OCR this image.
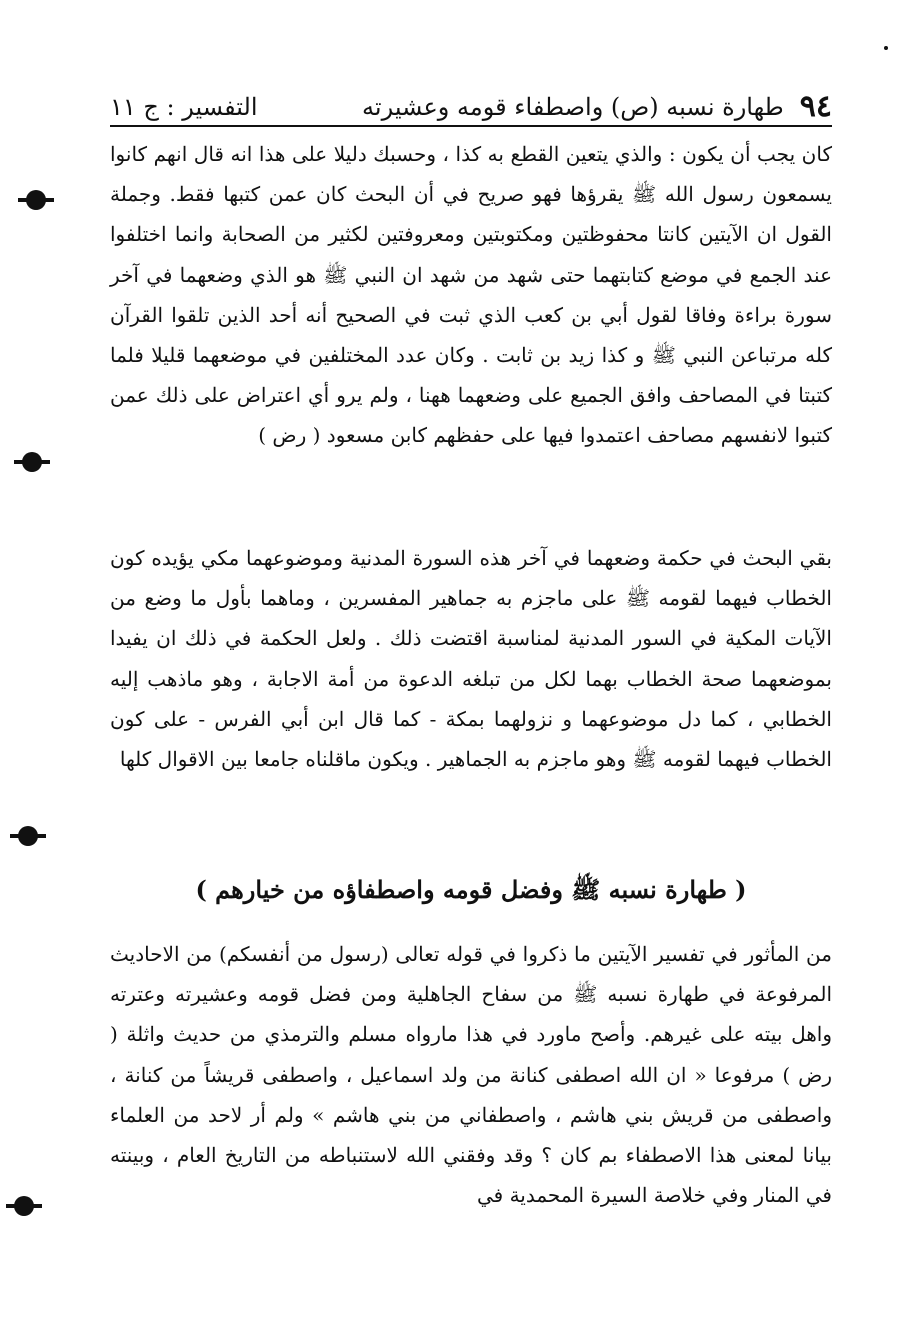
٩٤
طهارة نسبه (ص) واصطفاء قومه وعشيرته
التفسير : ج ١١

كان يجب أن يكون : والذي يتعين القطع به كذا ، وحسبك دليلا على هذا انه قال انهم كانوا يسمعون رسول الله ﷺ يقرؤها فهو صريح في أن البحث كان عمن كتبها فقط. وجملة القول ان الآيتين كانتا محفوظتين ومكتوبتين ومعروفتين لكثير من الصحابة وانما اختلفوا عند الجمع في موضع كتابتهما حتى شهد من شهد ان النبي ﷺ هو الذي وضعهما في آخر سورة براءة وفاقا لقول أبي بن كعب الذي ثبت في الصحيح أنه أحد الذين تلقوا القرآن كله مرتباعن النبي ﷺ و كذا زيد بن ثابت . وكان عدد المختلفين في موضعهما قليلا فلما كتبتا في المصاحف وافق الجميع على وضعهما ههنا ، ولم يرو أي اعتراض على ذلك عمن كتبوا لانفسهم مصاحف اعتمدوا فيها على حفظهم كابن مسعود ( رض )

بقي البحث في حكمة وضعهما في آخر هذه السورة المدنية وموضوعهما مكي يؤيده كون الخطاب فيهما لقومه ﷺ على ماجزم به جماهير المفسرين ، وماهما بأول ما وضع من الآيات المكية في السور المدنية لمناسبة اقتضت ذلك . ولعل الحكمة في ذلك ان يفيدا بموضعهما صحة الخطاب بهما لكل من تبلغه الدعوة من أمة الاجابة ، وهو ماذهب إليه الخطابي ، كما دل موضوعهما و نزولهما بمكة - كما قال ابن أبي الفرس - على كون الخطاب فيهما لقومه ﷺ وهو ماجزم به الجماهير . ويكون ماقلناه جامعا بين الاقوال كلها

( طهارة نسبه ﷺ وفضل قومه واصطفاؤه من خيارهم )

من المأثور في تفسير الآيتين ما ذكروا في قوله تعالى (رسول من أنفسكم) من الاحاديث المرفوعة في طهارة نسبه ﷺ من سفاح الجاهلية ومن فضل قومه وعشيرته وعترته واهل بيته على غيرهم. وأصح ماورد في هذا مارواه مسلم والترمذي من حديث واثلة ( رض ) مرفوعا « ان الله اصطفى كنانة من ولد اسماعيل ، واصطفى قريشاً من كنانة ، واصطفى من قريش بني هاشم ، واصطفاني من بني هاشم » ولم أر لاحد من العلماء بيانا لمعنى هذا الاصطفاء بم كان ؟ وقد وفقني الله لاستنباطه من التاريخ العام ، وبينته في المنار وفي خلاصة السيرة المحمدية في
